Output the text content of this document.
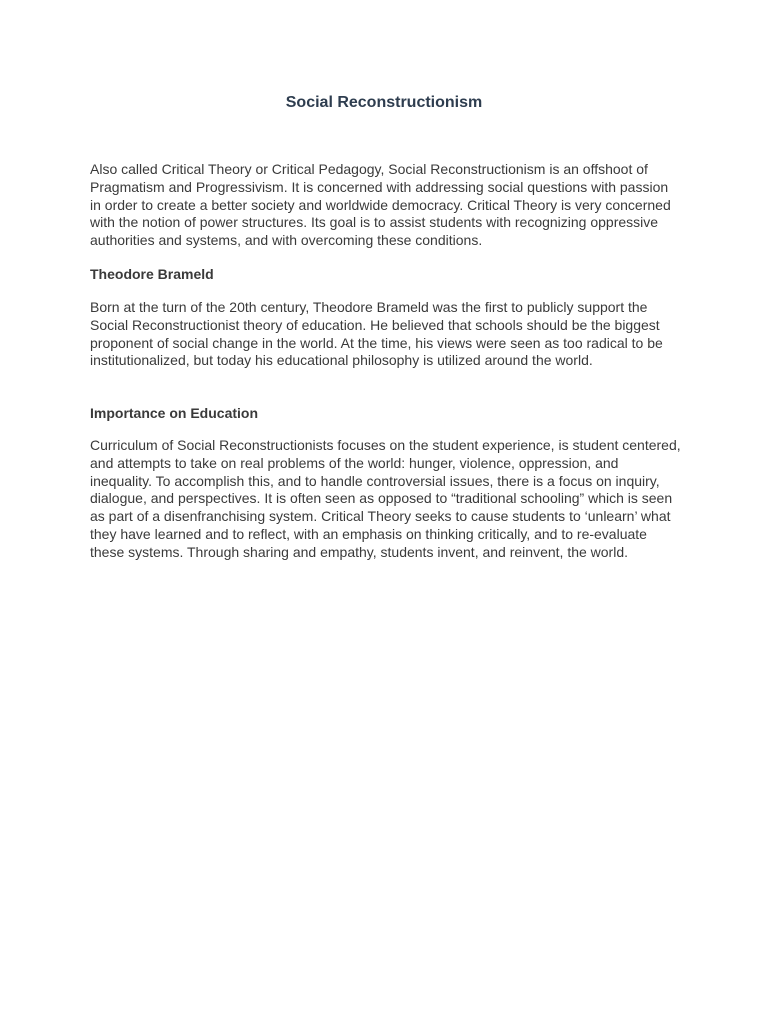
Social Reconstructionism

Also called Critical Theory or Critical Pedagogy, Social Reconstructionism is an offshoot of Pragmatism and Progressivism. It is concerned with addressing social questions with passion in order to create a better society and worldwide democracy. Critical Theory is very concerned with the notion of power structures. Its goal is to assist students with recognizing oppressive authorities and systems, and with overcoming these conditions.

Theodore Brameld

Born at the turn of the 20th century, Theodore Brameld was the first to publicly support the Social Reconstructionist theory of education. He believed that schools should be the biggest proponent of social change in the world. At the time, his views were seen as too radical to be institutionalized, but today his educational philosophy is utilized around the world.

Importance on Education

Curriculum of Social Reconstructionists focuses on the student experience, is student centered, and attempts to take on real problems of the world: hunger, violence, oppression, and inequality. To accomplish this, and to handle controversial issues, there is a focus on inquiry, dialogue, and perspectives. It is often seen as opposed to “traditional schooling” which is seen as part of a disenfranchising system. Critical Theory seeks to cause students to ‘unlearn’ what they have learned and to reflect, with an emphasis on thinking critically, and to re-evaluate these systems. Through sharing and empathy, students invent, and reinvent, the world.
